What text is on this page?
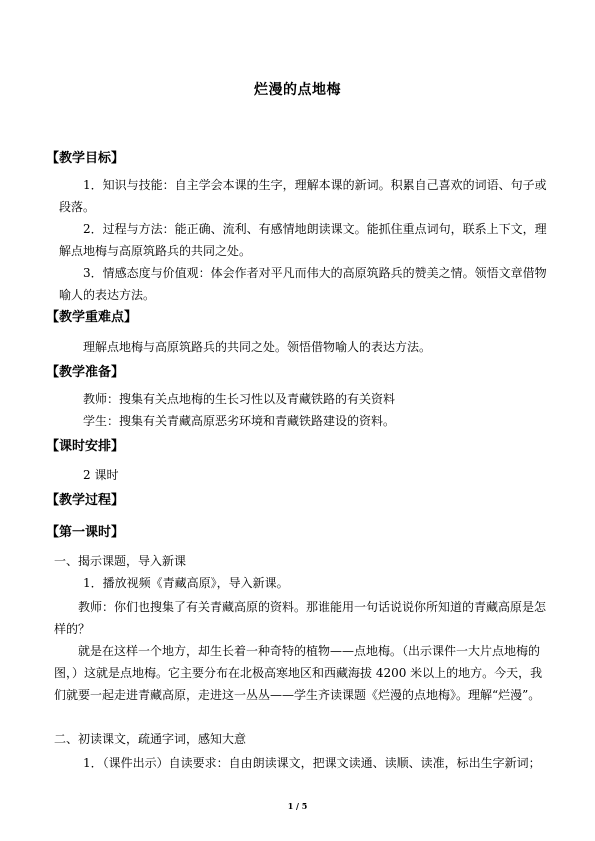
烂漫的点地梅
【教学目标】
1．知识与技能：自主学会本课的生字，理解本课的新词。积累自己喜欢的词语、句子或段落。
2．过程与方法：能正确、流利、有感情地朗读课文。能抓住重点词句，联系上下文，理解点地梅与高原筑路兵的共同之处。
3．情感态度与价值观：体会作者对平凡而伟大的高原筑路兵的赞美之情。领悟文章借物喻人的表达方法。
【教学重难点】
理解点地梅与高原筑路兵的共同之处。领悟借物喻人的表达方法。
【教学准备】
教师：搜集有关点地梅的生长习性以及青藏铁路的有关资料
学生：搜集有关青藏高原恶劣环境和青藏铁路建设的资料。
【课时安排】
2 课时
【教学过程】
【第一课时】
一、揭示课题，导入新课
1．播放视频《青藏高原》，导入新课。
教师：你们也搜集了有关青藏高原的资料。那谁能用一句话说说你所知道的青藏高原是怎样的？
就是在这样一个地方，却生长着一种奇特的植物——点地梅。（出示课件一大片点地梅的图，）这就是点地梅。它主要分布在北极高寒地区和西藏海拔 4200 米以上的地方。今天，我们就要一起走进青藏高原，走进这一丛丛——学生齐读课题《烂漫的点地梅》。理解“烂漫”。
二、初读课文，疏通字词，感知大意
1．（课件出示）自读要求：自由朗读课文，把课文读通、读顺、读准，标出生字新词；
1 / 5
